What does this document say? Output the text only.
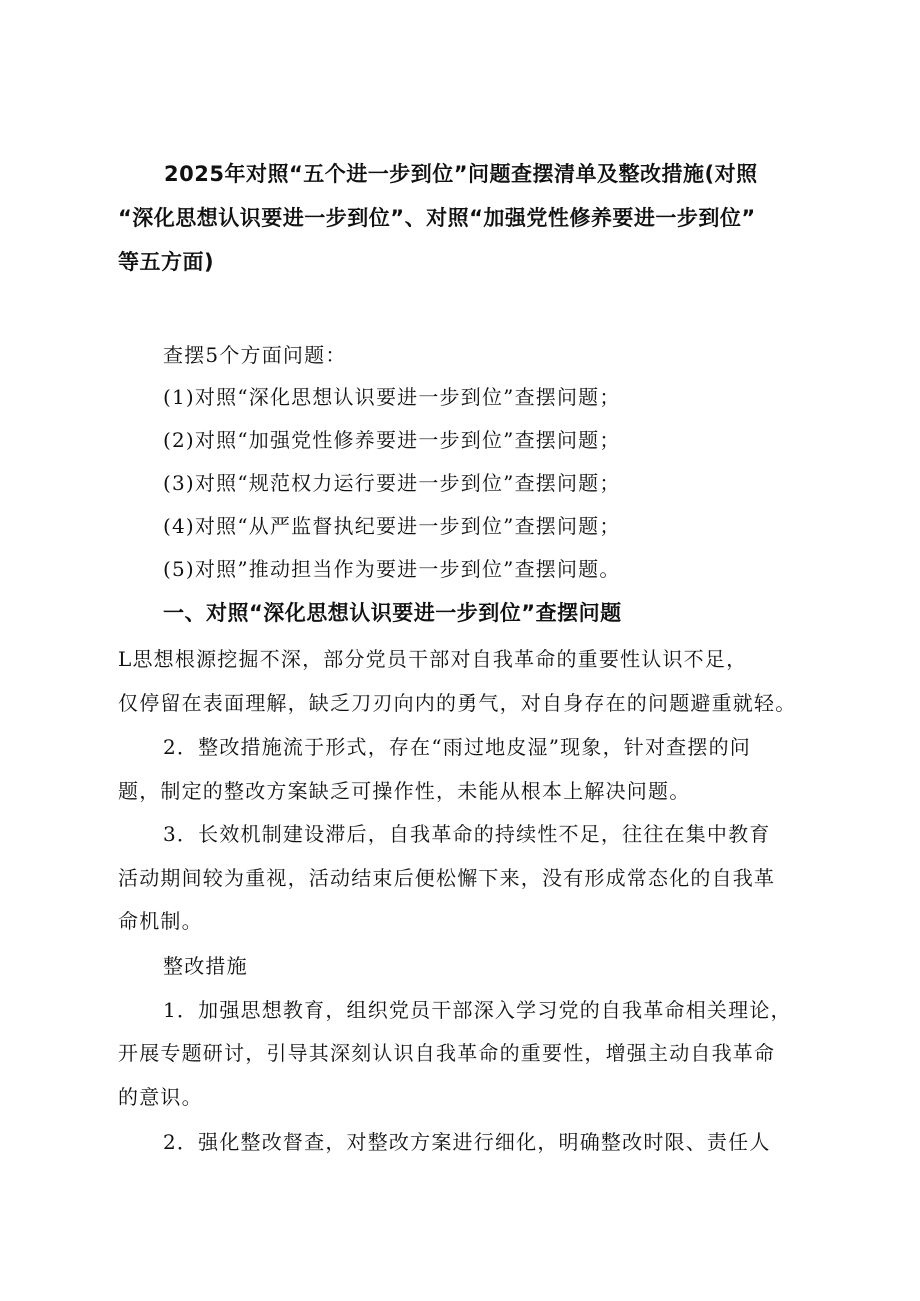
2025年对照“五个进一步到位”问题查摆清单及整改措施(对照
“深化思想认识要进一步到位”、对照“加强党性修养要进一步到位”
等五方面)
查摆5个方面问题：
(1)对照“深化思想认识要进一步到位”查摆问题；
(2)对照“加强党性修养要进一步到位”查摆问题；
(3)对照“规范权力运行要进一步到位”查摆问题；
(4)对照“从严监督执纪要进一步到位”查摆问题；
(5)对照”推动担当作为要进一步到位”查摆问题。
一、对照“深化思想认识要进一步到位”查摆问题
L思想根源挖掘不深，部分党员干部对自我革命的重要性认识不足，
仅停留在表面理解，缺乏刀刃向内的勇气，对自身存在的问题避重就轻。
2．整改措施流于形式，存在“雨过地皮湿”现象，针对查摆的问
题，制定的整改方案缺乏可操作性，未能从根本上解决问题。
3．长效机制建设滞后，自我革命的持续性不足，往往在集中教育
活动期间较为重视，活动结束后便松懈下来，没有形成常态化的自我革
命机制。
整改措施
1．加强思想教育，组织党员干部深入学习党的自我革命相关理论，
开展专题研讨，引导其深刻认识自我革命的重要性，增强主动自我革命
的意识。
2．强化整改督查，对整改方案进行细化，明确整改时限、责任人
